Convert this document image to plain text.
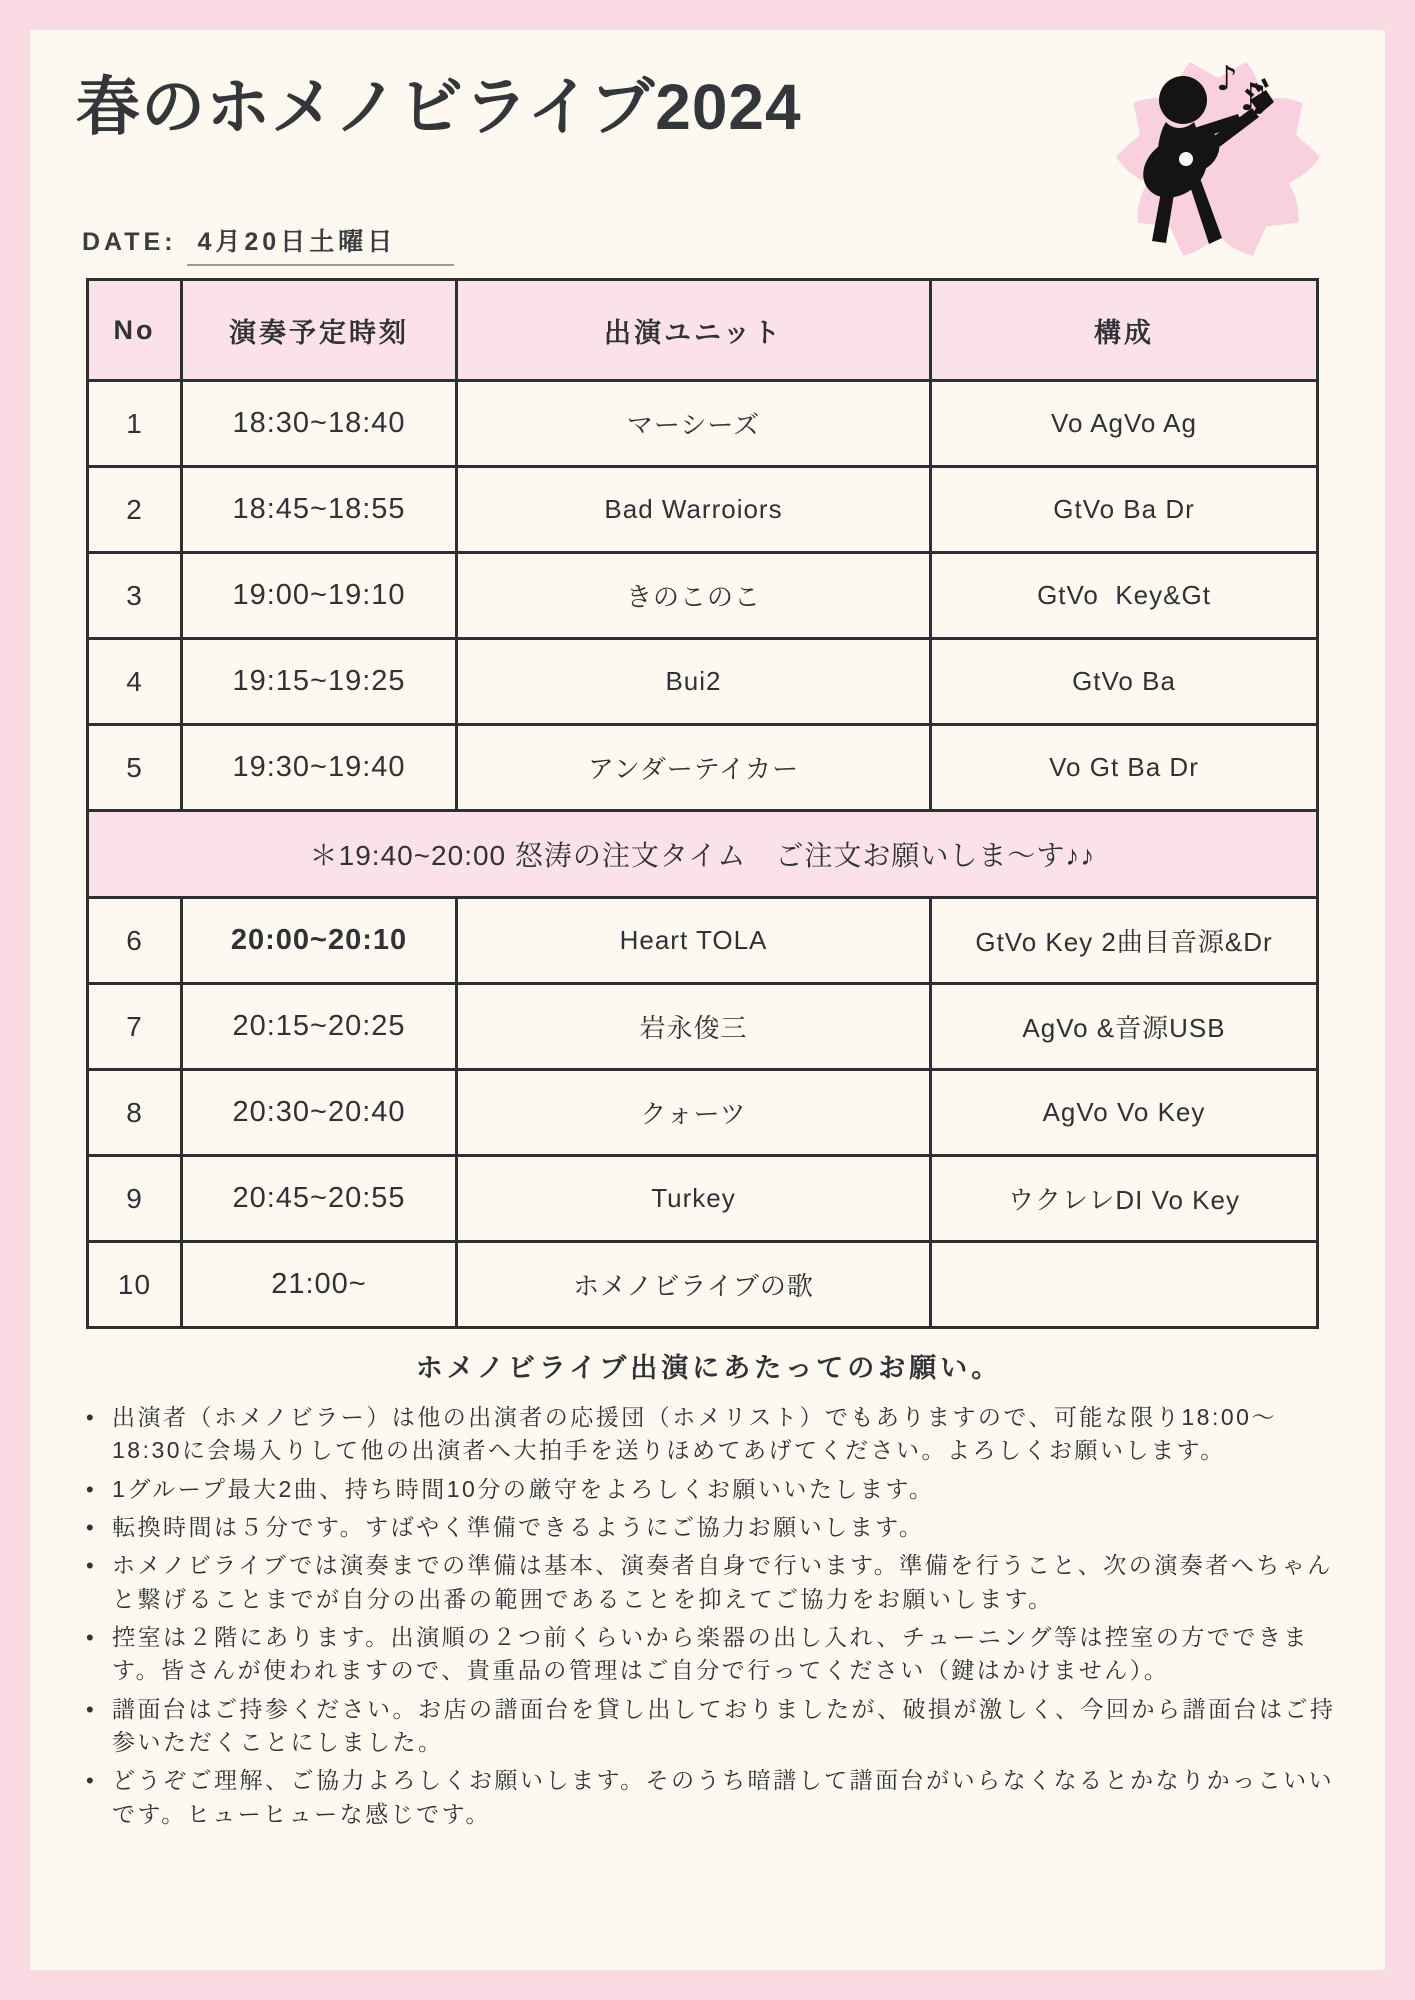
春のホメノビライブ2024	♪
♫
DATE: 4月20日土曜日
No	演奏予定時刻	出演ユニット	構成
1	18:30~18:40	マーシーズ	Vo AgVo Ag
2	18:45~18:55	Bad Warroiors	GtVo Ba Dr
3	19:00~19:10	きのこのこ	GtVo  Key&Gt
4	19:15~19:25	Bui2	GtVo Ba
5	19:30~19:40	アンダーテイカー	Vo Gt Ba Dr
＊19:40~20:00 怒涛の注文タイム　ご注文お願いしま〜す♪♪			
6	20:00~20:10	Heart TOLA	GtVo Key 2曲目音源&Dr
7	20:15~20:25	岩永俊三	AgVo &音源USB
8	20:30~20:40	クォーツ	AgVo Vo Key
9	20:45~20:55	Turkey	ウクレレDI Vo Key
10	21:00~	ホメノビライブの歌	
ホメノビライブ出演にあたってのお願い。
• 出演者（ホメノビラー）は他の出演者の応援団（ホメリスト）でもありますので、可能な限り18:00～18:30に会場入りして他の出演者へ大拍手を送りほめてあげてください。よろしくお願いします。
• 1グループ最大2曲、持ち時間10分の厳守をよろしくお願いいたします。
• 転換時間は５分です。すばやく準備できるようにご協力お願いします。
• ホメノビライブでは演奏までの準備は基本、演奏者自身で行います。準備を行うこと、次の演奏者へちゃんと繋げることまでが自分の出番の範囲であることを抑えてご協力をお願いします。
• 控室は２階にあります。出演順の２つ前くらいから楽器の出し入れ、チューニング等は控室の方でできます。皆さんが使われますので、貴重品の管理はご自分で行ってください（鍵はかけません）。
• 譜面台はご持参ください。お店の譜面台を貸し出しておりましたが、破損が激しく、今回から譜面台はご持参いただくことにしました。
• どうぞご理解、ご協力よろしくお願いします。そのうち暗譜して譜面台がいらなくなるとかなりかっこいいです。ヒューヒューな感じです。
